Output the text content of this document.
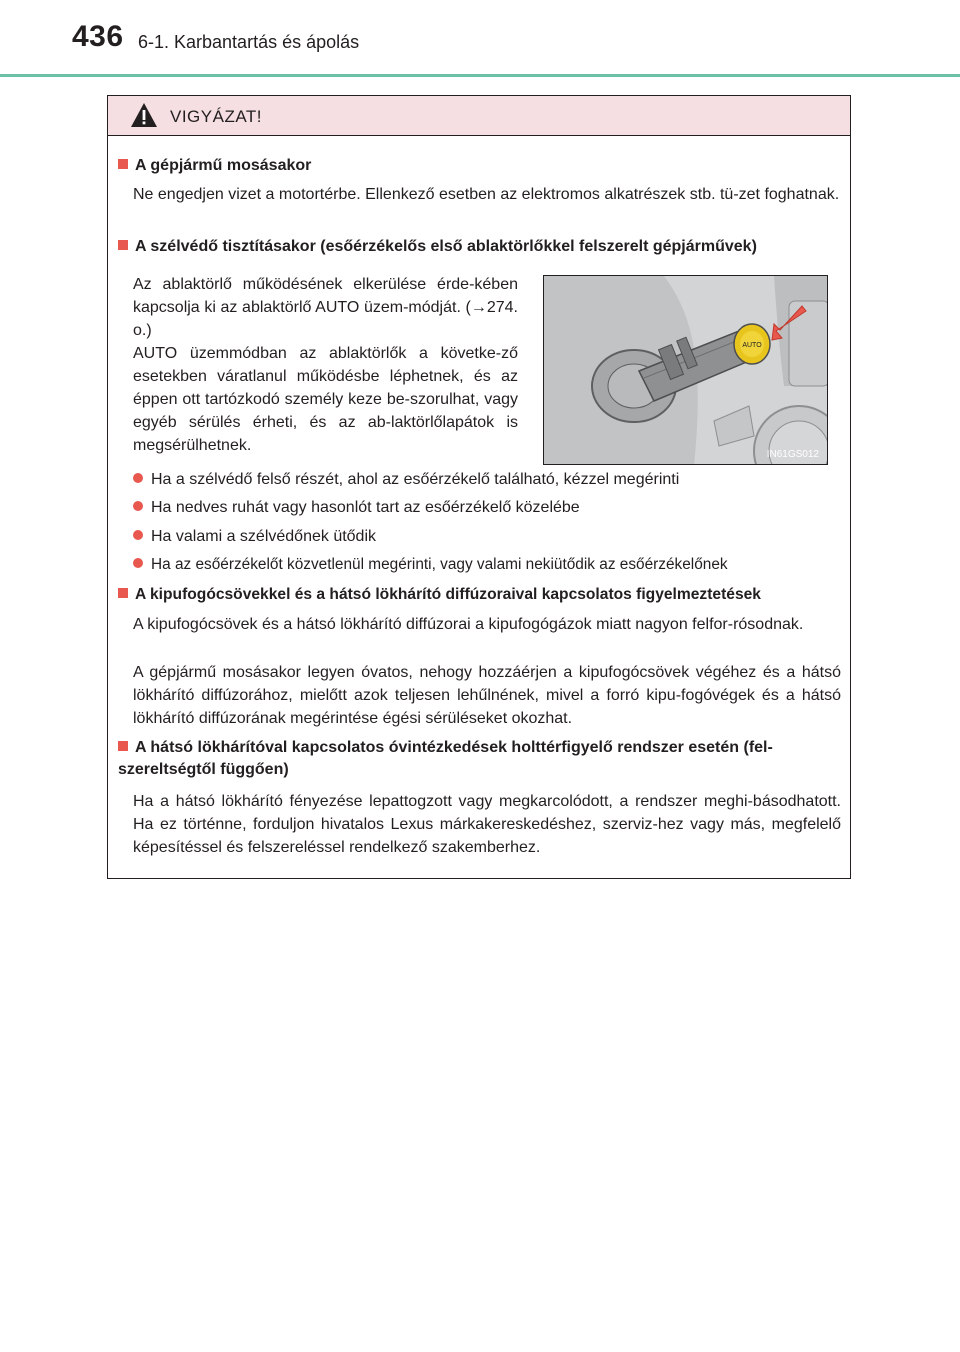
436 6-1. Karbantartás és ápolás
VIGYÁZAT!
A gépjármű mosásakor
Ne engedjen vizet a motortérbe. Ellenkező esetben az elektromos alkatrészek stb. tü-zet foghatnak.
A szélvédő tisztításakor (esőérzékelős első ablaktörlőkkel felszerelt gépjárművek)
Az ablaktörlő működésének elkerülése érde-kében kapcsolja ki az ablaktörlő AUTO üzem-módját. (→274. o.)
AUTO üzemmódban az ablaktörlők a követke-ző esetekben váratlanul működésbe léphetnek, és az éppen ott tartózkodó személy keze be-szorulhat, vagy egyéb sérülés érheti, és az ab-laktörlőlapátok is megsérülhetnek.
AUTO
IN61GS012
Ha a szélvédő felső részét, ahol az esőérzékelő található, kézzel megérinti
Ha nedves ruhát vagy hasonlót tart az esőérzékelő közelébe
Ha valami a szélvédőnek ütődik
Ha az esőérzékelőt közvetlenül megérinti, vagy valami nekiütődik az esőérzékelőnek
A kipufogócsövekkel és a hátsó lökhárító diffúzoraival kapcsolatos figyelmeztetések
A kipufogócsövek és a hátsó lökhárító diffúzorai a kipufogógázok miatt nagyon felfor-rósodnak.
A gépjármű mosásakor legyen óvatos, nehogy hozzáérjen a kipufogócsövek végéhez és a hátsó lökhárító diffúzorához, mielőtt azok teljesen lehűlnének, mivel a forró kipu-fogóvégek és a hátsó lökhárító diffúzorának megérintése égési sérüléseket okozhat.
A hátsó lökhárítóval kapcsolatos óvintézkedések holttérfigyelő rendszer esetén (fel-szereltségtől függően)
Ha a hátsó lökhárító fényezése lepattogzott vagy megkarcolódott, a rendszer meghi-básodhatott. Ha ez történne, forduljon hivatalos Lexus márkakereskedéshez, szerviz-hez vagy más, megfelelő képesítéssel és felszereléssel rendelkező szakemberhez.
